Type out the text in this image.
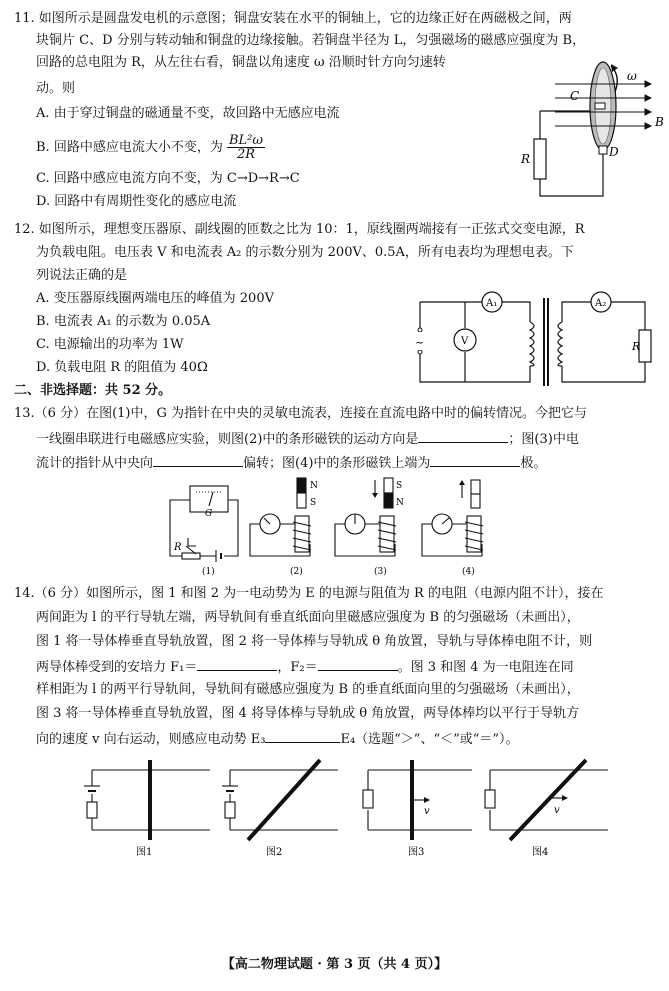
11. 如图所示是圆盘发电机的示意图；铜盘安装在水平的铜轴上，它的边缘正好在两磁极之间，两
块铜片 C、D 分别与转动轴和铜盘的边缘接触。若铜盘半径为 L，匀强磁场的磁感应强度为 B，
回路的总电阻为 R，从左往右看，铜盘以角速度 ω 沿顺时针方向匀速转
动。则
A. 由于穿过铜盘的磁通量不变，故回路中无感应电流
B. 回路中感应电流大小不变，为 $\frac{\text{BL²ω}}{2R}$
C. 回路中感应电流方向不变，为 C→D→R→C
D. 回路中有周期性变化的感应电流
C
D
R
B
ω
12. 如图所示，理想变压器原、副线圈的匝数之比为 10：1，原线圈两端接有一正弦式交变电源，R
为负载电阻。电压表 V 和电流表 A₂ 的示数分别为 200V、0.5A，所有电表均为理想电表。下
列说法正确的是
A. 变压器原线圈两端电压的峰值为 200V
B. 电流表 A₁ 的示数为 0.05A
C. 电源输出的功率为 1W
D. 负载电阻 R 的阻值为 40Ω
~
A₁	A₂
V	R
二、非选择题：共 52 分。
13.（6 分）在图(1)中，G 为指针在中央的灵敏电流表，连接在直流电路中时的偏转情况。今把它与
一线圈串联进行电磁感应实验，则图(2)中的条形磁铁的运动方向是	；图(3)中电
流计的指针从中央向	偏转；图(4)中的条形磁铁上端为	极。
G
R
(1)
N
S
(2)
S
N
(3)	(4)
14.（6 分）如图所示，图 1 和图 2 为一电动势为 E 的电源与阻值为 R 的电阻（电源内阻不计），接在
两间距为 l 的平行导轨左端，两导轨间有垂直纸面向里磁感应强度为 B 的匀强磁场（未画出），
图 1 将一导体棒垂直导轨放置，图 2 将一导体棒与导轨成 θ 角放置，导轨与导体棒电阻不计，则
两导体棒受到的安培力 F₁＝	，F₂＝	。图 3 和图 4 为一电阻连在同
样相距为 l 的两平行导轨间，导轨间有磁感应强度为 B 的垂直纸面向里的匀强磁场（未画出），
图 3 将一导体棒垂直导轨放置，图 4 将导体棒与导轨成 θ 角放置，两导体棒均以平行于导轨方
向的速度 v 向右运动，则感应电动势 E₃	E₄（选题“＞”、“＜”或“＝”）。
图1	图2
v
图3
v
图4
【高二物理试题 · 第 3 页（共 4 页）】
